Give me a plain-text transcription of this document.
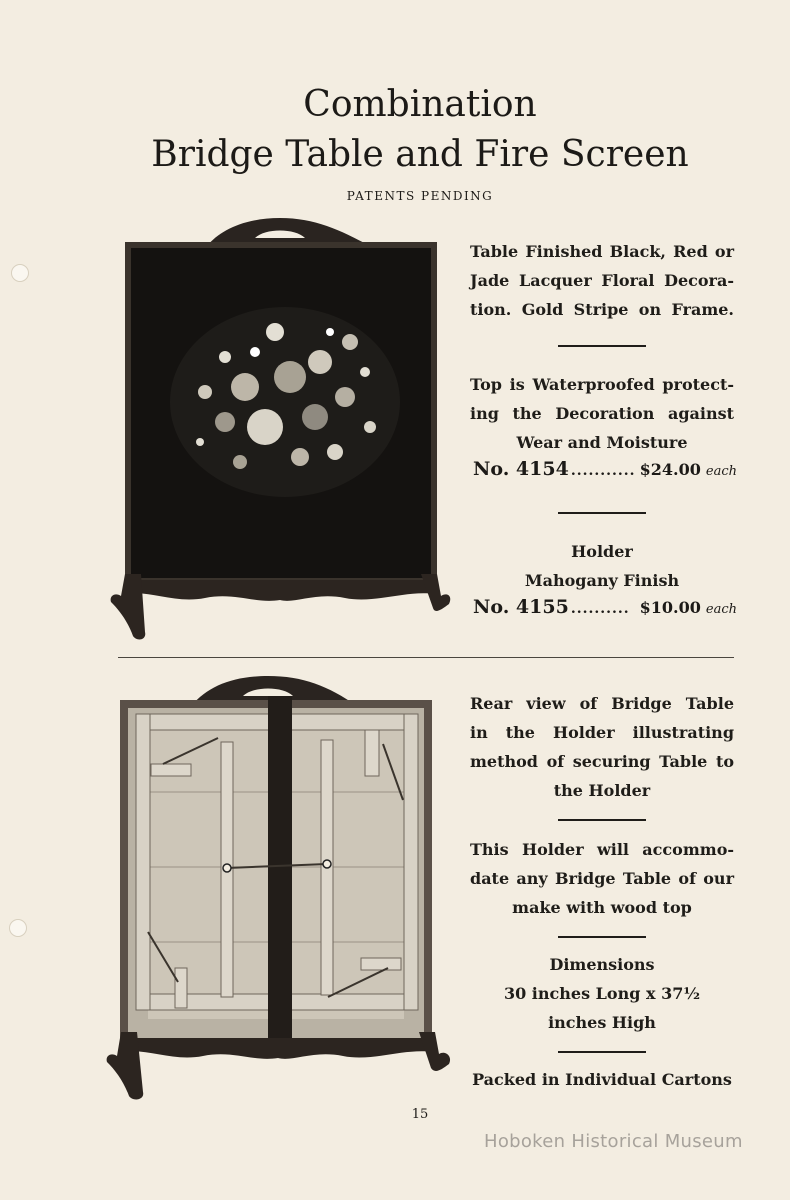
Combination
Bridge Table and Fire Screen
PATENTS PENDING

Table Finished Black, Red or

Jade Lacquer Floral Decora-

tion. Gold Stripe on Frame.

Top is Waterproofed protect-

ing the Decoration against

Wear and Moisture

No. 4154 ........... $24.00 each

Holder

Mahogany Finish

No. 4155 .......... $10.00 each

Rear view of Bridge Table

in the Holder illustrating

method of securing Table to

the Holder

This Holder will accommo-

date any Bridge Table of our

make with wood top

Dimensions

30 inches Long x 37½

inches High

Packed in Individual Cartons

15
Hoboken Historical Museum
